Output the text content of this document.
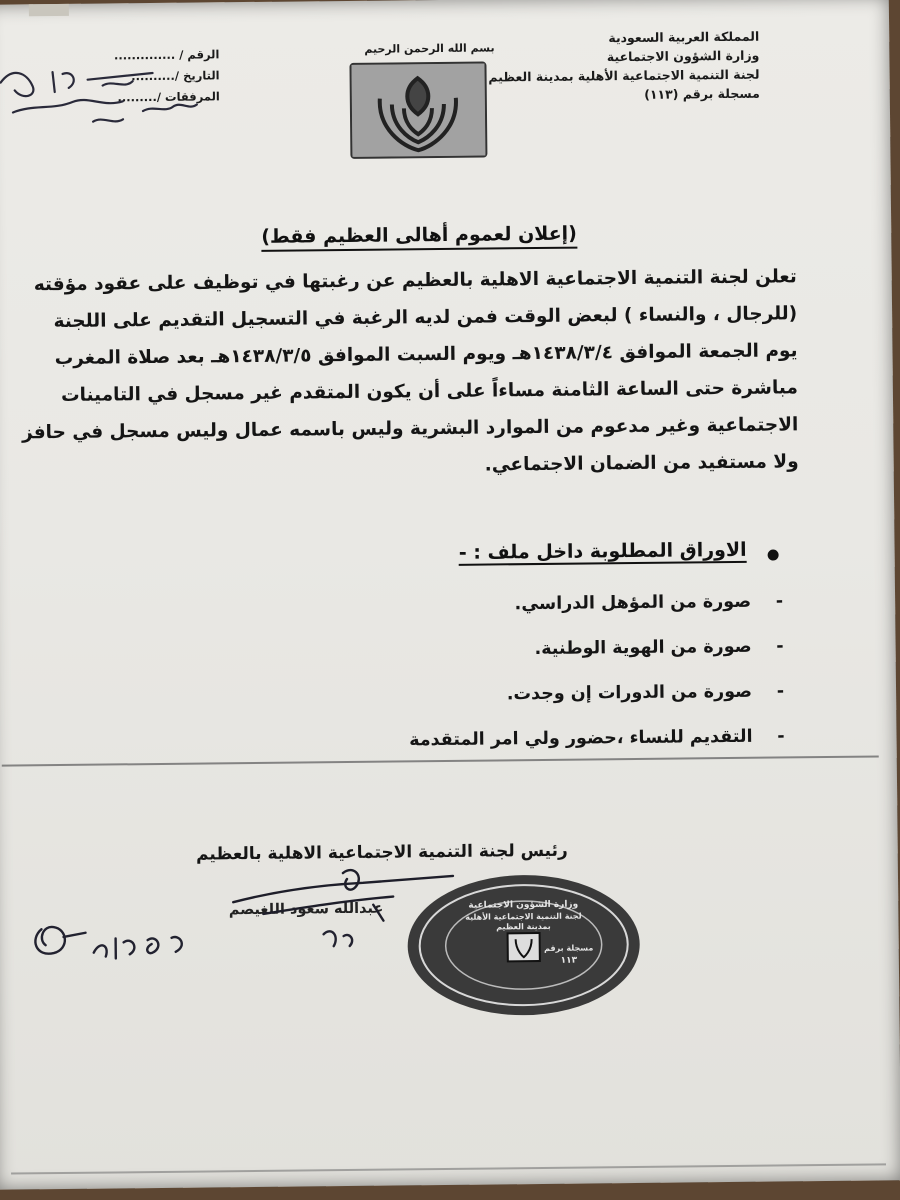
المملكة العربية السعودية
وزارة الشؤون الاجتماعية
لجنة التنمية الاجتماعية الأهلية بمدينة العظيم
مسجلة برقم (١١٣)
بسم الله الرحمن الرحيم
الرقم / ..............
التاريخ /..........
المرفقات /.........
(إعلان لعموم أهالى العظيم فقط)
تعلن لجنة التنمية الاجتماعية الاهلية بالعظيم عن رغبتها في توظيف على عقود مؤقته
(للرجال ، والنساء ) لبعض الوقت فمن لديه الرغبة في التسجيل التقديم على اللجنة
يوم الجمعة الموافق ١٤٣٨/٣/٤هـ ويوم السبت الموافق ١٤٣٨/٣/٥هـ بعد صلاة المغرب
مباشرة حتى الساعة الثامنة مساءاً على أن يكون المتقدم غير مسجل في التامينات
الاجتماعية وغير مدعوم من الموارد البشرية وليس باسمه عمال وليس مسجل في حافز
ولا مستفيد من الضمان الاجتماعي.
الاوراق المطلوبة داخل ملف : -
-صورة من المؤهل الدراسي.
-صورة من الهوية الوطنية.
-صورة من الدورات إن وجدت.
-التقديم للنساء ،حضور ولي امر المتقدمة
رئيس لجنة التنمية الاجتماعية الاهلية بالعظيم
عبدالله سعود اللغيصم	وزارة الشؤون الاجتماعية
لجنة التنمية الاجتماعية الأهلية
بمدينة العظيم
مسجلة برقم
١١٣
